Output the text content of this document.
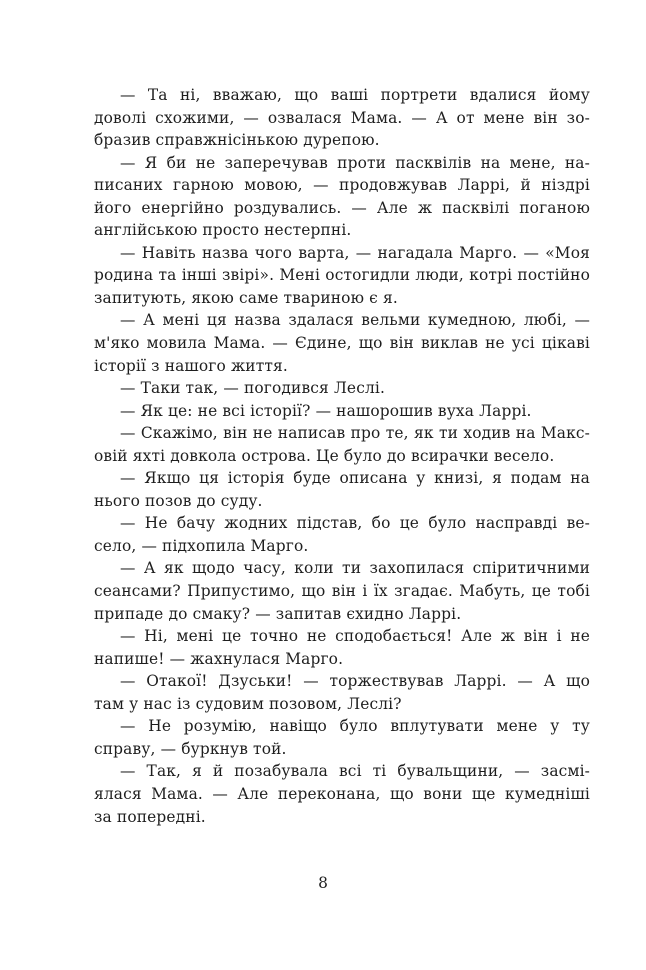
— Та ні, вважаю, що ваші портрети вдалися йому
доволі схожими, — озвалася Мама. — А от мене він зо-
бразив справжнісінькою дурепою.
— Я би не заперечував проти пасквілів на мене, на-
писаних гарною мовою, — продовжував Ларрі, й ніздрі
його енергійно роздувались. — Але ж пасквілі поганою
англійською просто нестерпні.
— Навіть назва чого варта, — нагадала Марго. — «Моя
родина та інші звірі». Мені остогидли люди, котрі постійно
запитують, якою саме твариною є я.
— А мені ця назва здалася вельми кумедною, любі, —
м'яко мовила Мама. — Єдине, що він виклав не усі цікаві
історії з нашого життя.
— Таки так, — погодився Леслі.
— Як це: не всі історії? — нашорошив вуха Ларрі.
— Скажімо, він не написав про те, як ти ходив на Макс-
овій яхті довкола острова. Це було до всирачки весело.
— Якщо ця історія буде описана у книзі, я подам на
нього позов до суду.
— Не бачу жодних підстав, бо це було насправді ве-
село, — підхопила Марго.
— А як щодо часу, коли ти захопилася спіритичними
сеансами? Припустимо, що він і їх згадає. Мабуть, це тобі
припаде до смаку? — запитав єхидно Ларрі.
— Ні, мені це точно не сподобається! Але ж він і не
напише! — жахнулася Марго.
— Отакої! Дзуськи! — торжествував Ларрі. — А що
там у нас із судовим позовом, Леслі?
— Не розумію, навіщо було вплутувати мене у ту
справу, — буркнув той.
— Так, я й позабувала всі ті бувальщини, — засмі-
ялася Мама. — Але переконана, що вони ще кумедніші
за попередні.
8
